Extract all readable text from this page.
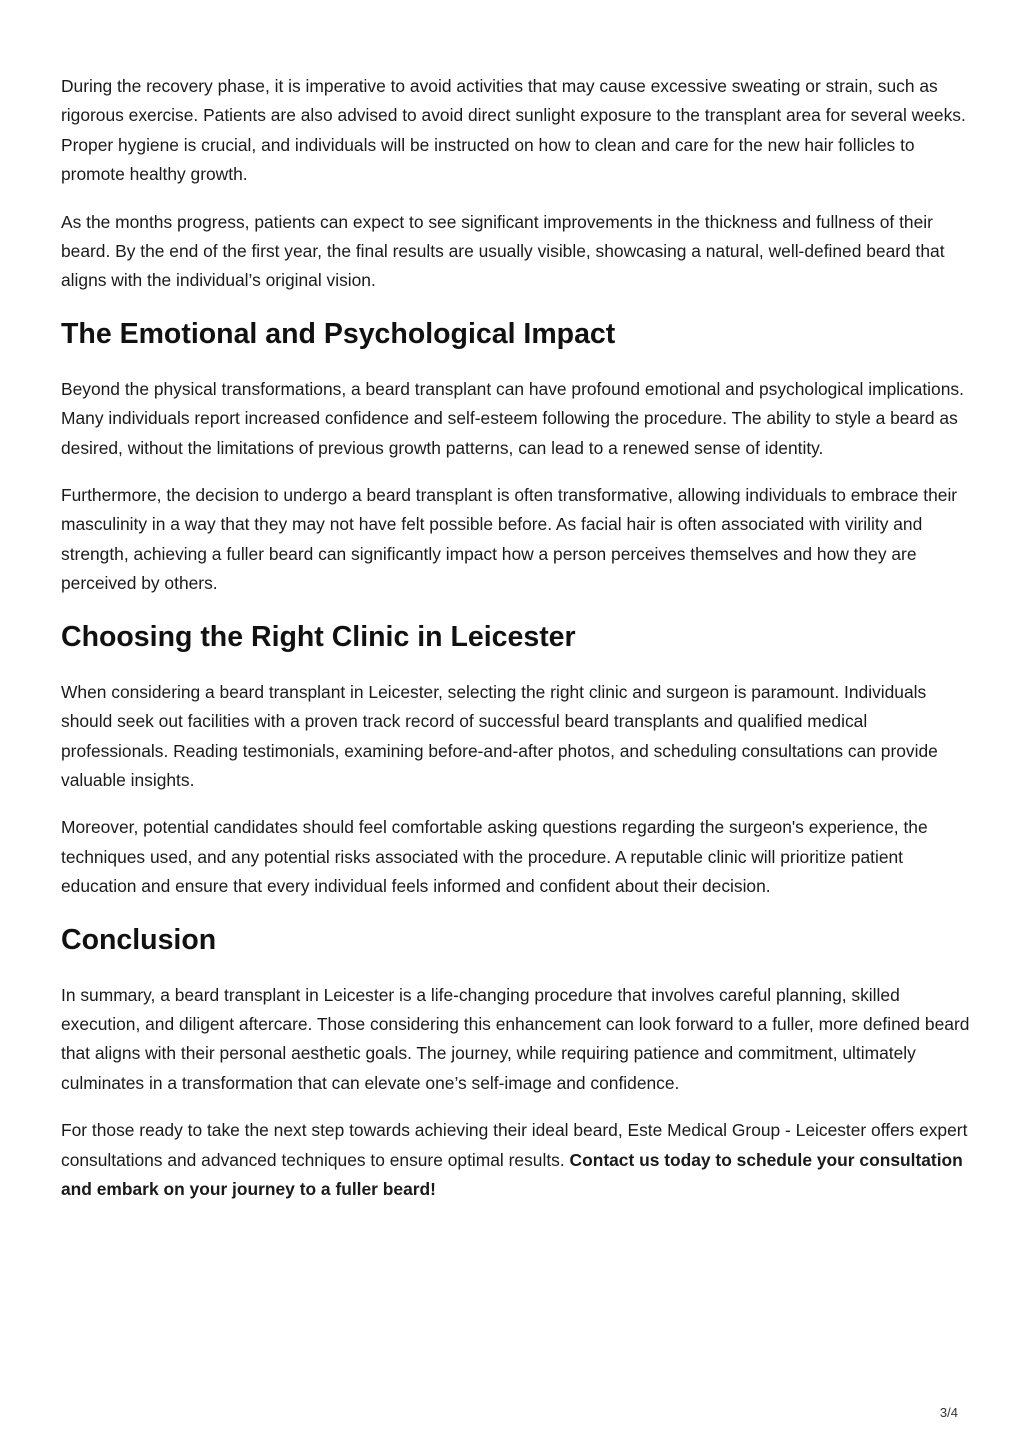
During the recovery phase, it is imperative to avoid activities that may cause excessive sweating or strain, such as rigorous exercise. Patients are also advised to avoid direct sunlight exposure to the transplant area for several weeks. Proper hygiene is crucial, and individuals will be instructed on how to clean and care for the new hair follicles to promote healthy growth.

As the months progress, patients can expect to see significant improvements in the thickness and fullness of their beard. By the end of the first year, the final results are usually visible, showcasing a natural, well-defined beard that aligns with the individual’s original vision.

The Emotional and Psychological Impact

Beyond the physical transformations, a beard transplant can have profound emotional and psychological implications. Many individuals report increased confidence and self-esteem following the procedure. The ability to style a beard as desired, without the limitations of previous growth patterns, can lead to a renewed sense of identity.

Furthermore, the decision to undergo a beard transplant is often transformative, allowing individuals to embrace their masculinity in a way that they may not have felt possible before. As facial hair is often associated with virility and strength, achieving a fuller beard can significantly impact how a person perceives themselves and how they are perceived by others.

Choosing the Right Clinic in Leicester

When considering a beard transplant in Leicester, selecting the right clinic and surgeon is paramount. Individuals should seek out facilities with a proven track record of successful beard transplants and qualified medical professionals. Reading testimonials, examining before-and-after photos, and scheduling consultations can provide valuable insights.

Moreover, potential candidates should feel comfortable asking questions regarding the surgeon's experience, the techniques used, and any potential risks associated with the procedure. A reputable clinic will prioritize patient education and ensure that every individual feels informed and confident about their decision.

Conclusion

In summary, a beard transplant in Leicester is a life-changing procedure that involves careful planning, skilled execution, and diligent aftercare. Those considering this enhancement can look forward to a fuller, more defined beard that aligns with their personal aesthetic goals. The journey, while requiring patience and commitment, ultimately culminates in a transformation that can elevate one’s self-image and confidence.

For those ready to take the next step towards achieving their ideal beard, Este Medical Group - Leicester offers expert consultations and advanced techniques to ensure optimal results. Contact us today to schedule your consultation and embark on your journey to a fuller beard!

3/4
